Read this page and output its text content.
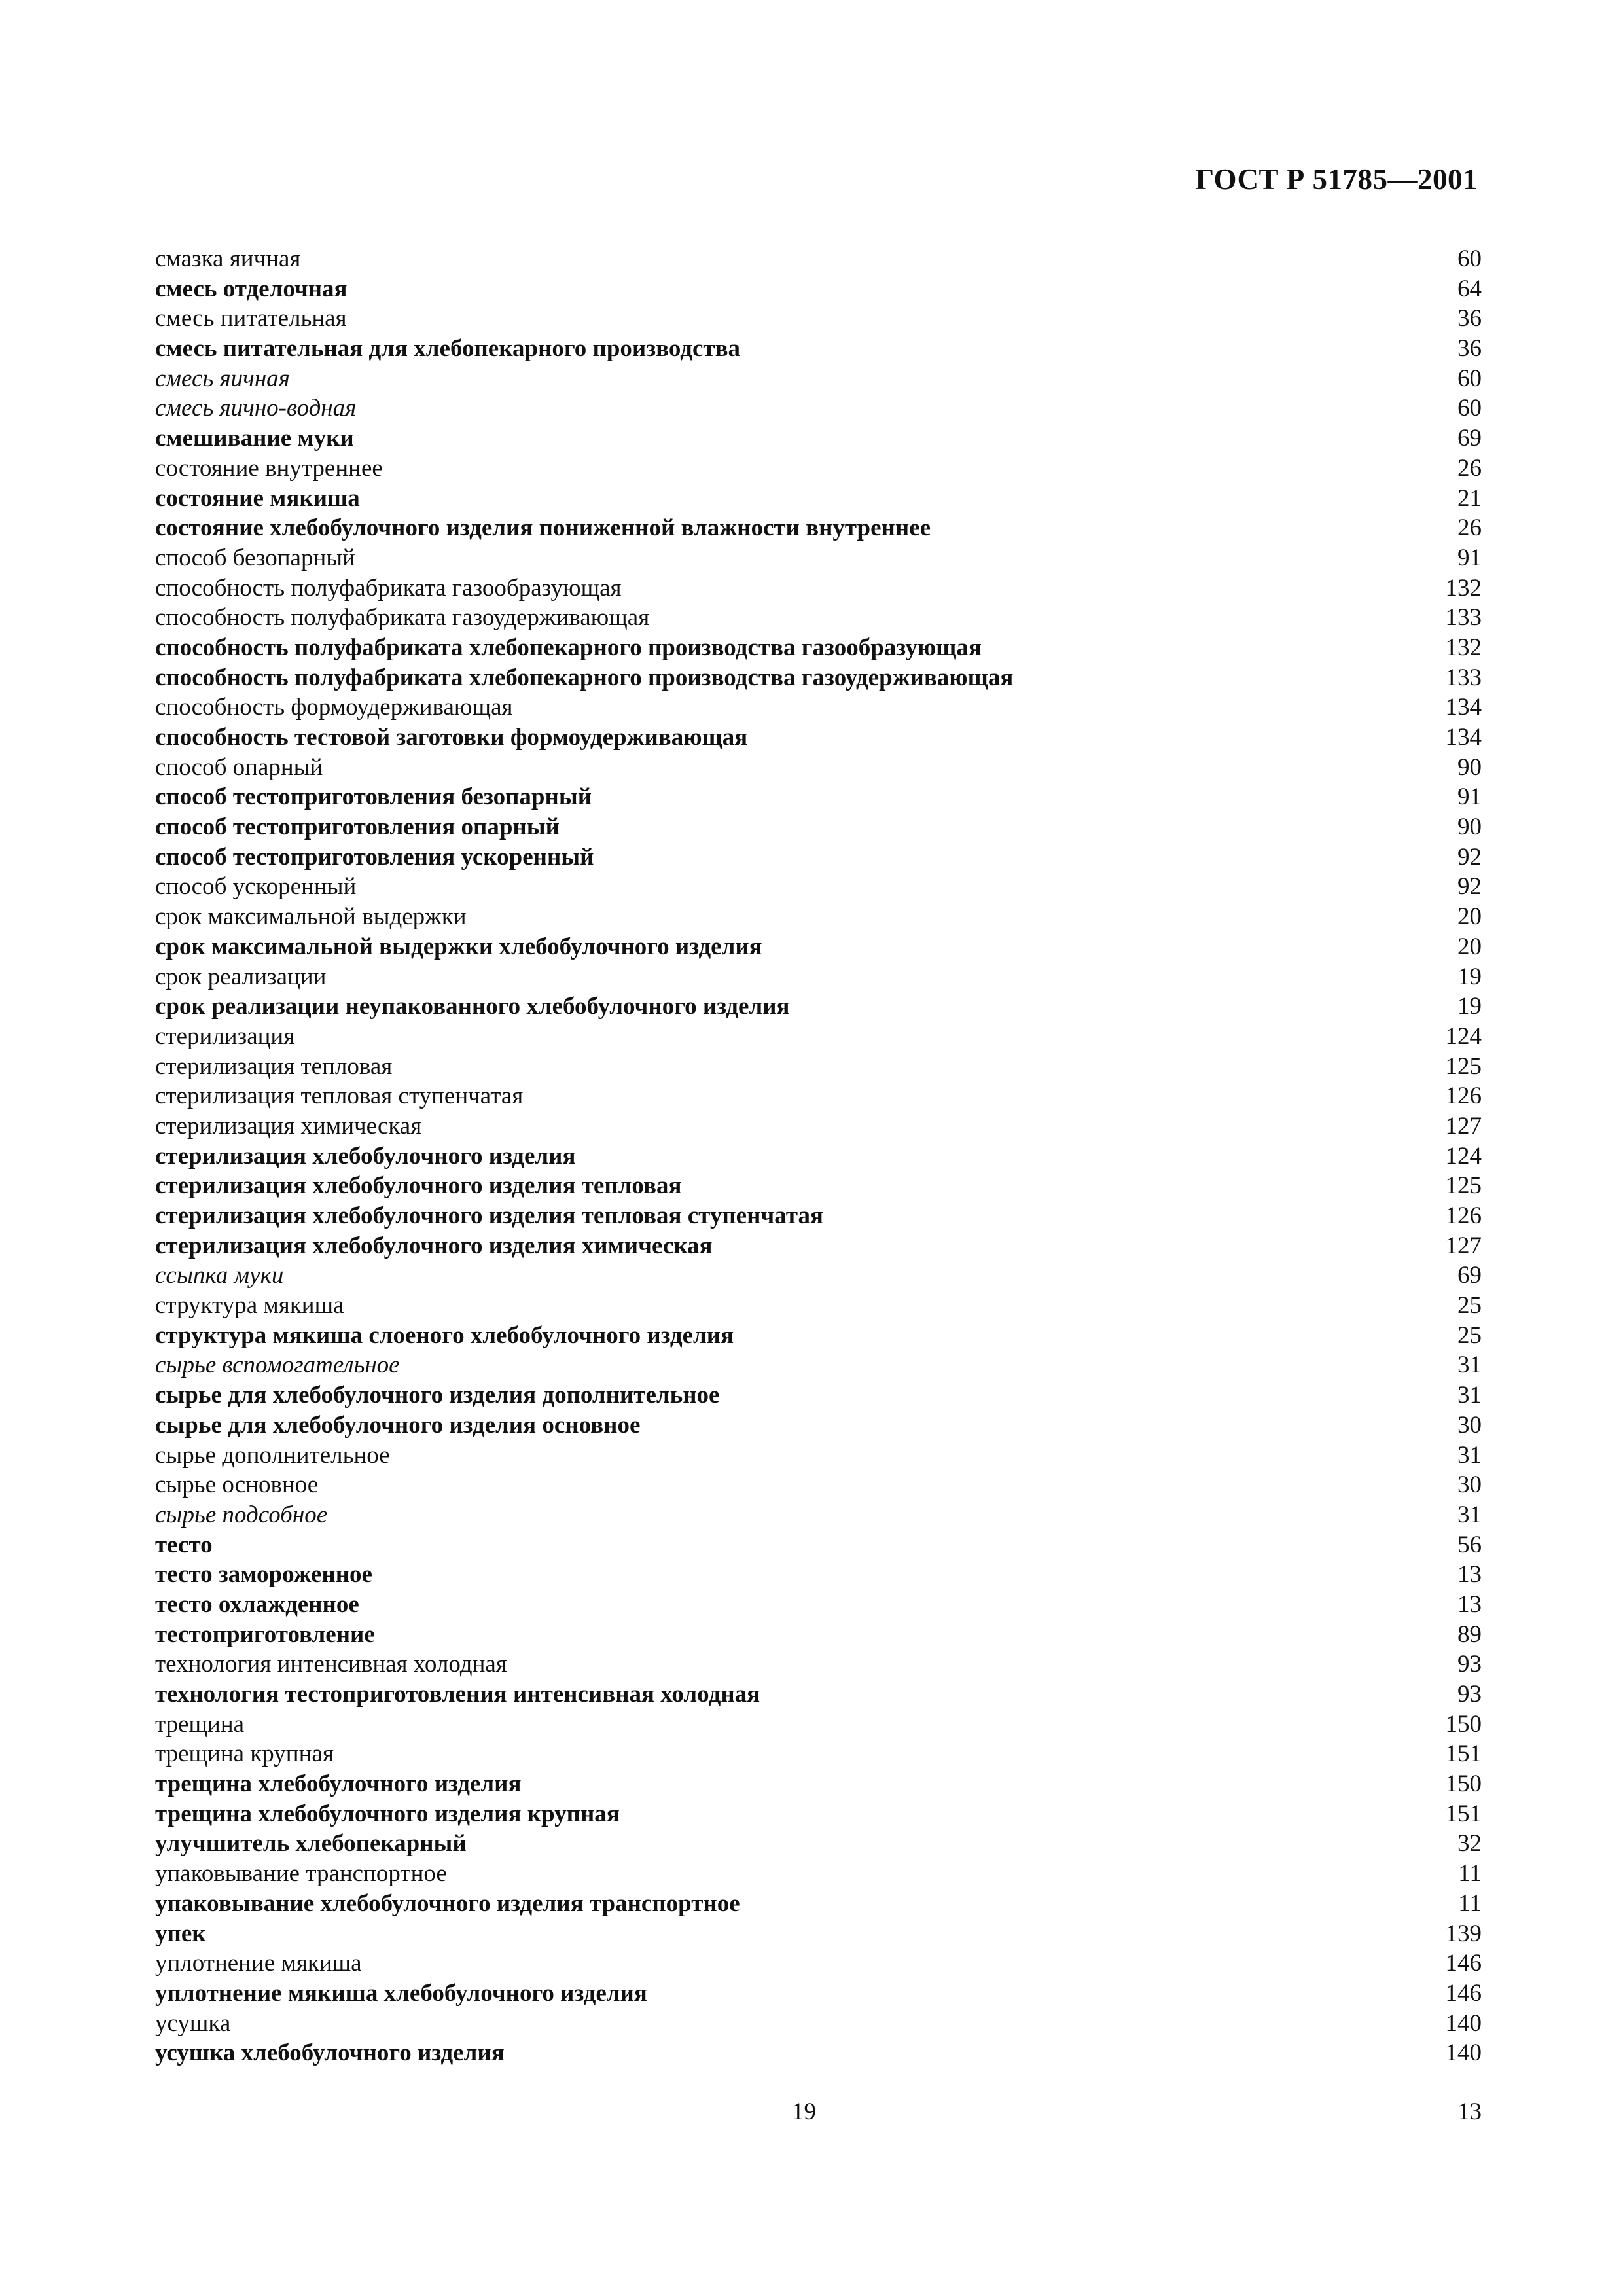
ГОСТ Р 51785—2001
смазка яичная	60
смесь отделочная	64
смесь питательная	36
смесь питательная для хлебопекарного производства	36
смесь яичная	60
смесь яично-водная	60
смешивание муки	69
состояние внутреннее	26
состояние мякиша	21
состояние хлебобулочного изделия пониженной влажности внутреннее	26
способ безопарный	91
способность полуфабриката газообразующая	132
способность полуфабриката газоудерживающая	133
способность полуфабриката хлебопекарного производства газообразующая	132
способность полуфабриката хлебопекарного производства газоудерживающая	133
способность формоудерживающая	134
способность тестовой заготовки формоудерживающая	134
способ опарный	90
способ тестоприготовления безопарный	91
способ тестоприготовления опарный	90
способ тестоприготовления ускоренный	92
способ ускоренный	92
срок максимальной выдержки	20
срок максимальной выдержки хлебобулочного изделия	20
срок реализации	19
срок реализации неупакованного хлебобулочного изделия	19
стерилизация	124
стерилизация тепловая	125
стерилизация тепловая ступенчатая	126
стерилизация химическая	127
стерилизация хлебобулочного изделия	124
стерилизация хлебобулочного изделия тепловая	125
стерилизация хлебобулочного изделия тепловая ступенчатая	126
стерилизация хлебобулочного изделия химическая	127
ссыпка муки	69
структура мякиша	25
структура мякиша слоеного хлебобулочного изделия	25
сырье вспомогательное	31
сырье для хлебобулочного изделия дополнительное	31
сырье для хлебобулочного изделия основное	30
сырье дополнительное	31
сырье основное	30
сырье подсобное	31
тесто	56
тесто замороженное	13
тесто охлажденное	13
тестоприготовление	89
технология интенсивная холодная	93
технология тестоприготовления интенсивная холодная	93
трещина	150
трещина крупная	151
трещина хлебобулочного изделия	150
трещина хлебобулочного изделия крупная	151
улучшитель хлебопекарный	32
упаковывание транспортное	11
упаковывание хлебобулочного изделия транспортное	11
упек	139
уплотнение мякиша	146
уплотнение мякиша хлебобулочного изделия	146
усушка	140
усушка хлебобулочного изделия	140
19	13
